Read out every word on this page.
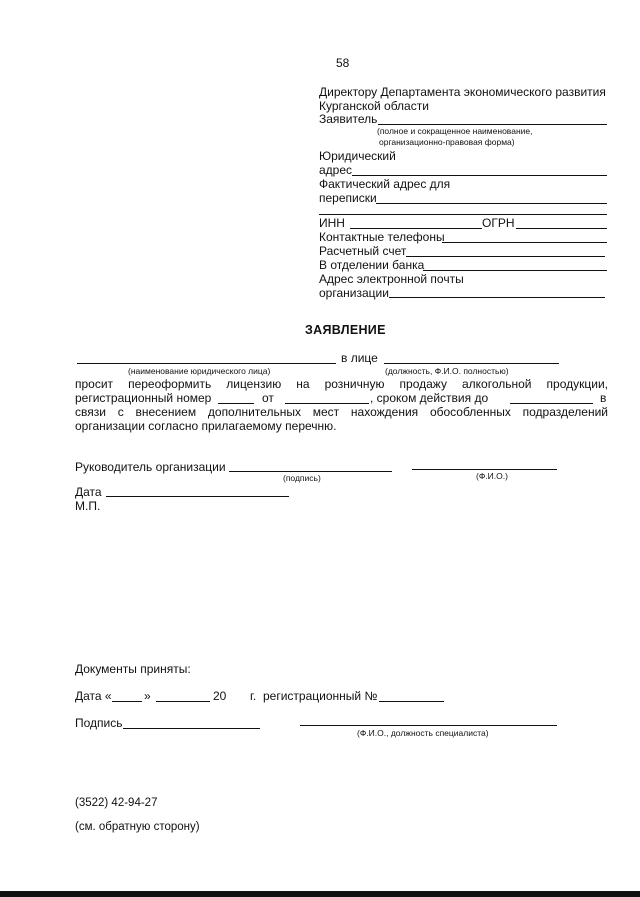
58
Директору Департамента экономического развития
Курганской области
Заявитель
(полное и сокращенное наименование,
организационно-правовая форма)
Юридический
адрес
Фактический адрес для
переписки
ИНН	ОГРН
Контактные телефоны
Расчетный счет
В отделении банка
Адрес электронной почты
организации
ЗАЯВЛЕНИЕ
в лице
(наименование юридического лица)	(должность, Ф.И.О. полностью)
просит переоформить лицензию на розничную продажу алкогольной продукции,
регистрационный номер	от	, сроком действия до	в
связи с внесением дополнительных мест нахождения обособленных подразделений
организации согласно прилагаемому перечню.
Руководитель организации
(подпись)	(Ф.И.О.)
Дата
М.П.
Документы приняты:
Дата «	»	20 г. регистрационный №
Подпись
(Ф.И.О., должность специалиста)
(3522) 42-94-27
(см. обратную сторону)
